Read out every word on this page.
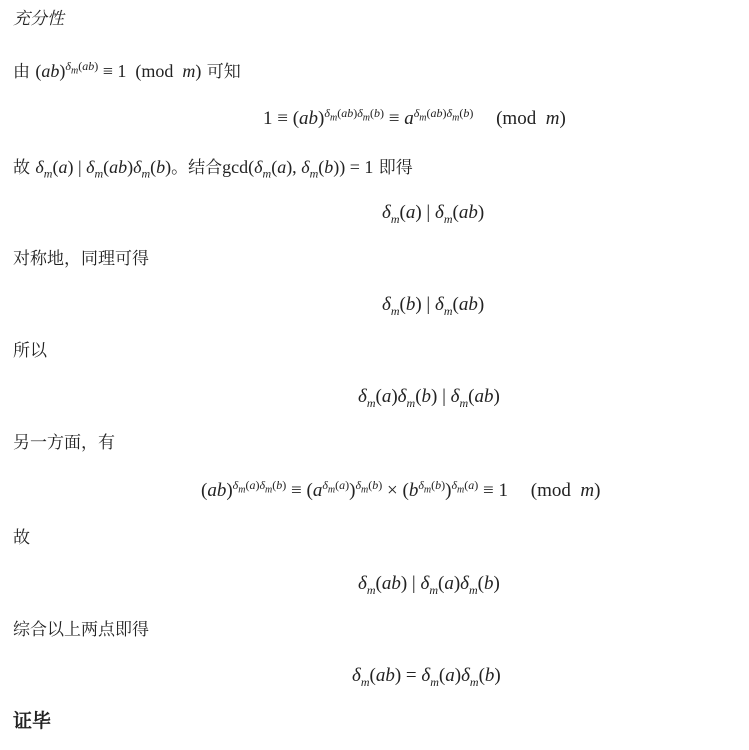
充分性
由 (ab)$^{\delta_m(ab)}$ ≡ 1  (mod  m) 可知
$1 \equiv (ab)^{\delta_m(ab)\delta_m(b)} \equiv a^{\delta_m(ab)\delta_m(b)}$ (mod  m)
故 $\delta_m(a)$ | $\delta_m(ab)\delta_m(b)$。结合$\gcd(\delta_m(a)$, $\delta_m(b)) = 1$ 即得
$\delta_m(a)$ | $\delta_m(ab)$
对称地，同理可得
$\delta_m(b)$ | $\delta_m(ab)$
所以
$\delta_m(a)\delta_m(b)$ | $\delta_m(ab)$
另一方面，有
$(ab)^{\delta_m(a)\delta_m(b)} \equiv (a^{\delta_m(a)})^{\delta_m(b)} \times (b^{\delta_m(b)})^{\delta_m(a)} \equiv 1$ (mod  m)
故
$\delta_m(ab)$ | $\delta_m(a)\delta_m(b)$
综合以上两点即得
$\delta_m(ab) = \delta_m(a)\delta_m(b)$
证毕
